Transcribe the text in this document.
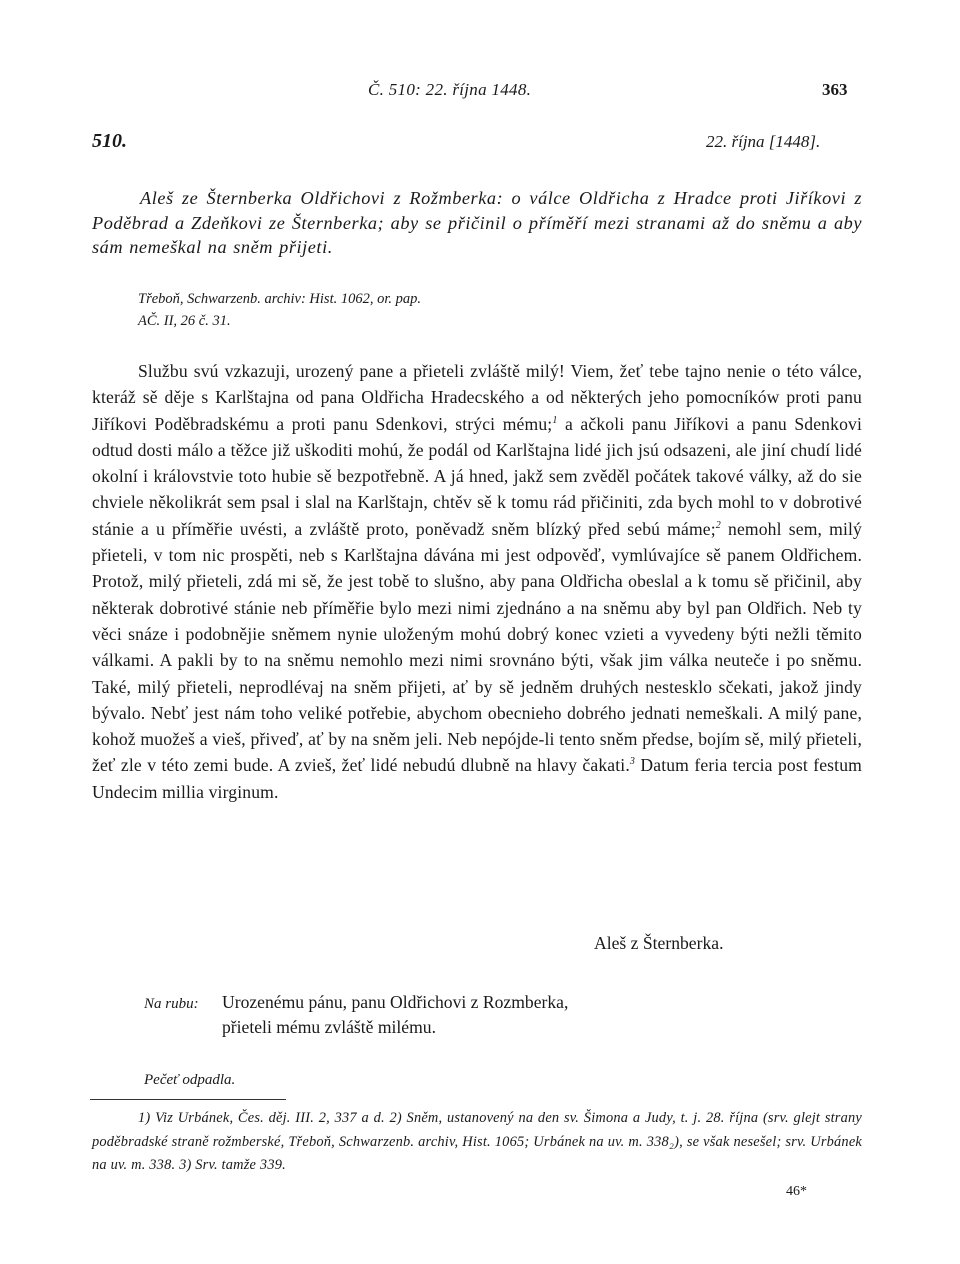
Č. 510: 22. října 1448.	363
510.	22. října [1448].

Aleš ze Šternberka Oldřichovi z Rožmberka: o válce Oldřicha z Hradce proti Jiříkovi z Poděbrad a Zdeňkovi ze Šternberka; aby se přičinil o příměří mezi stranami až do sněmu a aby sám nemeškal na sněm přijeti.

Třeboň, Schwarzenb. archiv: Hist. 1062, or. pap.
AČ. II, 26 č. 31.

Službu svú vzkazuji, urozený pane a přieteli zvláště milý! Viem, žeť tebe tajno nenie o této válce, kteráž sě děje s Karlštajna od pana Oldřicha Hradecského a od některých jeho pomocníków proti panu Jiříkovi Poděbradskému a proti panu Sdenkovi, strýci mému;$^1$ a ačkoli panu Jiříkovi a panu Sdenkovi odtud dosti málo a těžce již uškoditi mohú, že podál od Karlštajna lidé jich jsú odsazeni, ale jiní chudí lidé okolní i královstvie toto hubie sě bezpotřebně. A já hned, jakž sem zvěděl počátek takové války, až do sie chviele několikrát sem psal i slal na Karlštajn, chtěv sě k tomu rád přičiniti, zda bych mohl to v dobrotivé stánie a u příměřie uvésti, a zvláště proto, poněvadž sněm blízký před sebú máme;$^2$ nemohl sem, milý přieteli, v tom nic prospěti, neb s Karlštajna dávána mi jest odpověď, vymlúvajíce sě panem Oldřichem. Protož, milý přieteli, zdá mi sě, že jest tobě to slušno, aby pana Oldřicha obeslal a k tomu sě přičinil, aby některak dobrotivé stánie neb příměřie bylo mezi nimi zjednáno a na sněmu aby byl pan Oldřich. Neb ty věci snáze i podobnějie sněmem nynie uloženým mohú dobrý konec vzieti a vyvedeny býti nežli těmito válkami. A pakli by to na sněmu nemohlo mezi nimi srovnáno býti, však jim válka neuteče i po sněmu. Také, milý přieteli, neprodlévaj na sněm přijeti, ať by sě jedněm druhých nestesklo sčekati, jakož jindy bývalo. Nebť jest nám toho veliké potřebie, abychom obecnieho dobrého jednati nemeškali. A milý pane, kohož muožeš a vieš, přiveď, ať by na sněm jeli. Neb nepójde-li tento sněm předse, bojím sě, milý přieteli, žeť zle v této zemi bude. A zvieš, žeť lidé nebudú dlubně na hlavy čakati.$^3$ Datum feria tercia post festum Undecim millia virginum.

Aleš z Šternberka.
Na rubu: Urozenému pánu, panu Oldřichovi z Rozmberka,
přieteli mému zvláště milému.
Pečeť odpadla.

1) Viz Urbánek, Čes. děj. III. 2, 337 a d. 2) Sněm, ustanovený na den sv. Šimona a Judy, t. j. 28. října (srv. glejt strany poděbradské straně rožmberské, Třeboň, Schwarzenb. archiv, Hist. 1065; Urbánek na uv. m. 338₂), se však nesešel; srv. Urbánek na uv. m. 338. 3) Srv. tamže 339.

46*
